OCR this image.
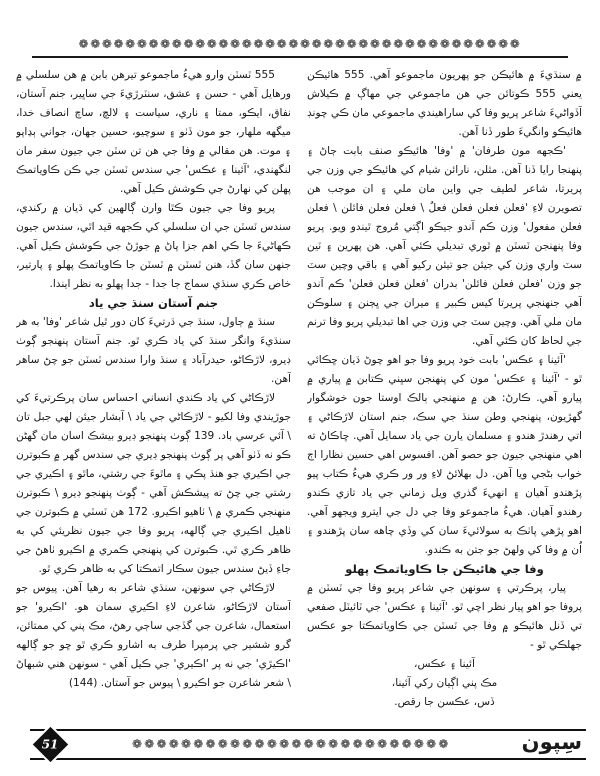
❁❁❁❁❁❁❁❁❁❁❁❁❁❁❁❁❁❁❁❁❁❁❁❁❁❁❁❁❁❁❁❁❁❁❁❁❁❁

۾ سنڌيءَ ۾ هائيڪن جو پهريون ماجموعو آهي. 555 هائيڪن يعني 555 ڪوتائن جي هن ماجموعي جي مهاڳ ۾ ڪيلاش آڏواڻيءَ شاعر پريو وفا کي ساراهيندي ماجموعي مان ڪي چونڊ هائيڪو وانگيءَ طور ڏنا آهن.

'ڪجهه مون طرفان' ۾ 'وفا' هائيڪو صنف بابت ڄاڻ ۽ پنهنجا رايا ڏنا آهن. مثلن، نارائن شيام کي هائيڪو جي وزن جي پريرتا، شاعر لطيف جي واين مان ملي ۽ ان موجب هن تصويرن لاءِ 'فعلن فعلن فعلن فعلُ \ فعلن فعلن فائلن \ فعلن فعلن مفعول' وزن ڪم آندو جيڪو اڳتي مُروج ٿيندو ويو. پريو وفا پنهنجن ٽسٽن ۾ ٿوري تبديلي ڪئي آهي. هن پهرين ۽ ٽين سٽ واري وزن کي جيئن جو تيئن رکيو آهي ۽ باقي وچين سٽ جو وزن 'فعلن فعلن فائلن' بدران 'فعلن فعلن فعلن' ڪم آندو آهي جنهنجي پريرتا کيس ڪبير ۽ ميران جي ڀڄنن ۽ سلوڪن مان ملي آهي. وچين سٽ جي وزن جي اها تبديلي پريو وفا ترنم جي لحاظ کان ڪئي آهي.

'آئينا ۽ عڪس' بابت خود پريو وفا جو اهو چوڻ ڌيان ڇڪائي ٿو - 'آئينا ۽ عڪس' مون کي پنهنجن سڀني ڪتابن ۾ پياري ۾ پيارو آهي. ڪارڻ: هن ۾ منهنجي ٻالڪ اوستا جون خوشگوار گهڙيون، پنهنجي وطن سنڌ جي سڪ، جنم استان لاڙڪاڻي ۽ اتي رهندڙ هندو ۽ مسلمان يارن جي ياد سمايل آهي. ڇاڪاڻ ته اهي منهنجي جيون جو حصو آهن. افسوس اهي حسين نظارا اڄ خواب بڻجي ويا آهن. دل بهلائڻ لاءِ ور ور ڪري هيءُ ڪتاب پيو پڙهندو آهيان ۽ انهيءَ گذري ويل زماني جي ياد تازي ڪندو رهندو آهيان. هيءُ ماجموعو وفا جي دل جي ايترو ويجهو آهي. اهو پڙهي پاٺڪ به سولائيءَ سان کي وڏي چاهه سان پڙهندو ۽ اُن ۾ وفا کي ولهڻ جو جتن به ڪندو.

وفا جي هائيڪن جا ڪاوياتمڪ پهلو

پيار، پرڪرتي ۽ سونهن جي شاعر پريو وفا جي ٽسٽن ۾ پروفا جو اهو پيار نظر اچي ٿو. 'آئينا ۽ عڪس' جي ٽائيٽل صفعي تي ڏنل هائيڪو ۾ وفا جي ٽسٽن جي ڪاوياتمڪتا جو عڪس جهلڪي ٿو -

آئينا ۽ عڪس،
مڪ پني اڳيان رکي آئينا،
ڏس، عڪسن جا رقص.

555 ٽسٽن وارو هيءُ ماجموعو تيرهن بابن ۾ هن سلسلي ۾ ورهايل آهي - حسن ۽ عشق، سنٽرڙيءَ جي ساڀير، جنم آستان، نفاق، ايڪو، ممتا ۽ ناري، سياست ۽ لالچ، ساچ انصاف خدا، ميگهه ملهار، جو مون ڏٺو ۽ سوچيو، حسين جهان، جواني ٻڍاپو ۽ موت. هن مقالي ۾ وفا جي هن تن سٽن جي جيون سفر مان لنگهندي، 'آئينا ۽ عڪس' جي سندس ٽسٽن جي ڪن ڪاوياتمڪ پهلن کي نهارڻ جي ڪوشش ڪيل آهي.

پريو وفا جي جيون ڪٿا وارن ڳالهين کي ڌيان ۾ رکندي، سندس ٽسٽن جي ان سلسلي کي ڪجهه قيد اٿي، سندس جيون ڪهاڻيءَ جا ڪي اهم جزا پاڻ ۾ جوڙڻ جي ڪوشش ڪيل آهي. جنهن سان گڏ، هنن ٽسٽن ۾ ٽسٽن جا ڪاوياتمڪ پهلو ۽ پارتير، خاص ڪري سنڌي سماج جا جدا - جدا پهلو به نظر ايندا.

جنم آستان سنڌ جي ياد

سنڌ ۾ ڄاول، سنڌ جي ڌرتيءَ کان دور ٿيل شاعر 'وفا' به هر سنڌيءَ وانگر سنڌ کي ياد ڪري ٿو. جنم آستان پنهنجو ڳوٺ ڊيرو، لاڙڪاڻو، حيدرآباد ۽ سنڌ وارا سندس ٽسٽن جو چڻ ساهر آهن.

لاڙڪاڻي کي ياد ڪندي انساني احساس سان پرڪرتيءَ کي جوڙيندي وفا لکيو - لاڙڪاڻي جي ياد \ آبشار جيئن لهي جبل تان \ آئي عرسي باد. 139 ڳوٺ پنهنجو ڊيرو بيشڪ اسان مان گهڻن ڪو نه ڏٺو آهي پر ڳوٺ پنهنجو ڊيري جي سندس گهر ۾ ڪبوترن جي اڪيري جو هنڌ پڪي ۽ ماٿوءَ جي رشتي، ماٿو ۽ اڪيري جي رشتي جي چڻ ته پيشڪش آهي - ڳوٺ پنهنجو ڊيرو \ ڪبوترن منهنجي ڪمري ۾ \ ٺاهيو اڪيرو. 172 هن ٽسٽي ۾ ڪبوترن جي ٺاهيل اڪيري جي ڳالهه، پريو وفا جي جيون نظريئي کي به ظاهر ڪري ٿي. ڪبوترن کي پنهنجي ڪمري ۾ اڪيرو ٺاهڻ جي جاءِ ڏيڻ سندس جيون سڪار اتمڪتا کي به ظاهر ڪري ٿو.

لاڙڪاڻي جي سونهن، سنڌي شاعر به رهيا آهن. پيوس جو آستان لاڙڪاڻو، شاعرن لاءِ اڪيري سمان هو. 'اڪيرو' جو استعمال، شاعرن جي گڏجي ساڄي رهڻ، مڪ پني کي ممتائن، گرو ششير جي پرمپرا طرف به اشارو ڪري ٿو ڇو جو ڳالهه 'اڪيڙي' جي نه پر 'اڪيري' جي ڪيل آهي - سونهن هني شبهاڻ \ شعر شاعرن جو اڪيرو \ پيوس جو آستان. (144)

51	❁❁❁❁❁❁❁❁❁❁❁❁❁❁❁❁❁❁❁❁❁❁❁❁❁❁	سِپون
